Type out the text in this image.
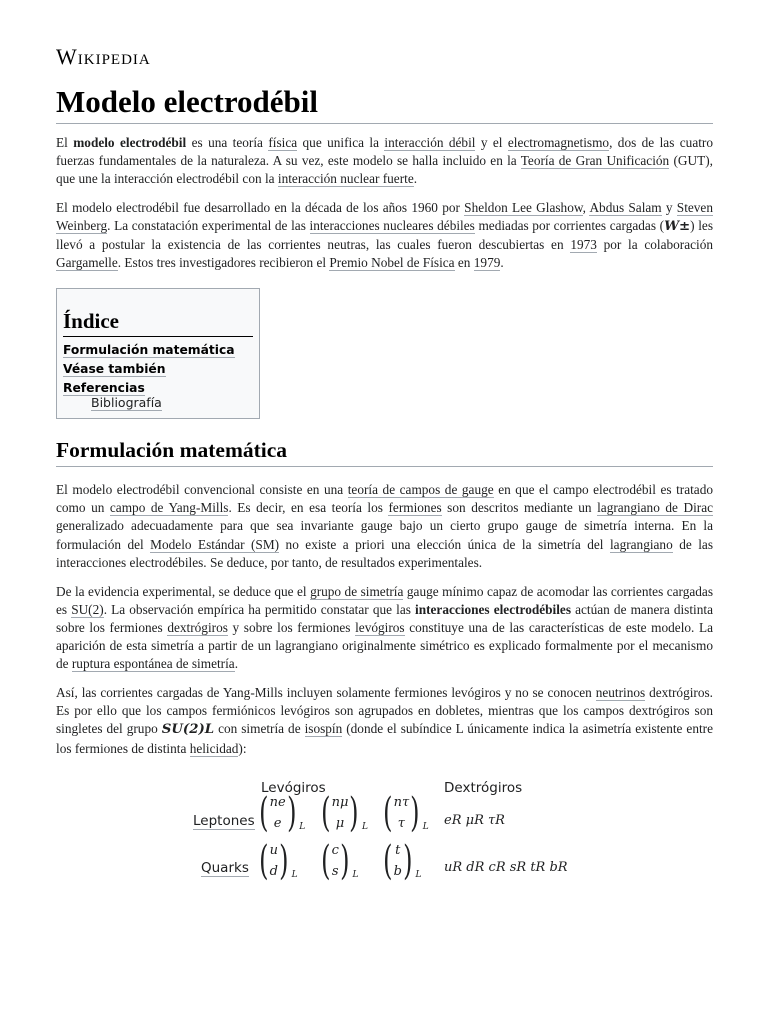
Wikipedia
Modelo electrodébil

El modelo electrodébil es una teoría física que unifica la interacción débil y el electromagnetismo, dos de las cuatro fuerzas fundamentales de la naturaleza. A su vez, este modelo se halla incluido en la Teoría de Gran Unificación (GUT), que une la interacción electrodébil con la interacción nuclear fuerte.

El modelo electrodébil fue desarrollado en la década de los años 1960 por Sheldon Lee Glashow, Abdus Salam y Steven Weinberg. La constatación experimental de las interacciones nucleares débiles mediadas por corrientes cargadas (W±) les llevó a postular la existencia de las corrientes neutras, las cuales fueron descubiertas en 1973 por la colaboración Gargamelle. Estos tres investigadores recibieron el Premio Nobel de Física en 1979.

Índice
Formulación matemática
Véase también
Referencias
Bibliografía
Formulación matemática

El modelo electrodébil convencional consiste en una teoría de campos de gauge en que el campo electrodébil es tratado como un campo de Yang-Mills. Es decir, en esa teoría los fermiones son descritos mediante un lagrangiano de Dirac generalizado adecuadamente para que sea invariante gauge bajo un cierto grupo gauge de simetría interna. En la formulación del Modelo Estándar (SM) no existe a priori una elección única de la simetría del lagrangiano de las interacciones electrodébiles. Se deduce, por tanto, de resultados experimentales.

De la evidencia experimental, se deduce que el grupo de simetría gauge mínimo capaz de acomodar las corrientes cargadas es SU(2). La observación empírica ha permitido constatar que las interacciones electrodébiles actúan de manera distinta sobre los fermiones dextrógiros y sobre los fermiones levógiros constituye una de las características de este modelo. La aparición de esta simetría a partir de un lagrangiano originalmente simétrico es explicado formalmente por el mecanismo de ruptura espontánea de simetría.

Así, las corrientes cargadas de Yang-Mills incluyen solamente fermiones levógiros y no se conocen neutrinos dextrógiros. Es por ello que los campos fermiónicos levógiros son agrupados en dobletes, mientras que los campos dextrógiros son singletes del grupo SU(2)L con simetría de isospín (donde el subíndice L únicamente indica la asimetría existente entre los fermiones de distinta helicidad):

Levógiros	Dextrógiros
Leptones ( ne
e ) L ( nμ
μ ) L ( nτ
τ ) L eR μR τR
Quarks ( u
d ) L ( c
s ) L ( t
b ) L uR dR cR sR tR bR
